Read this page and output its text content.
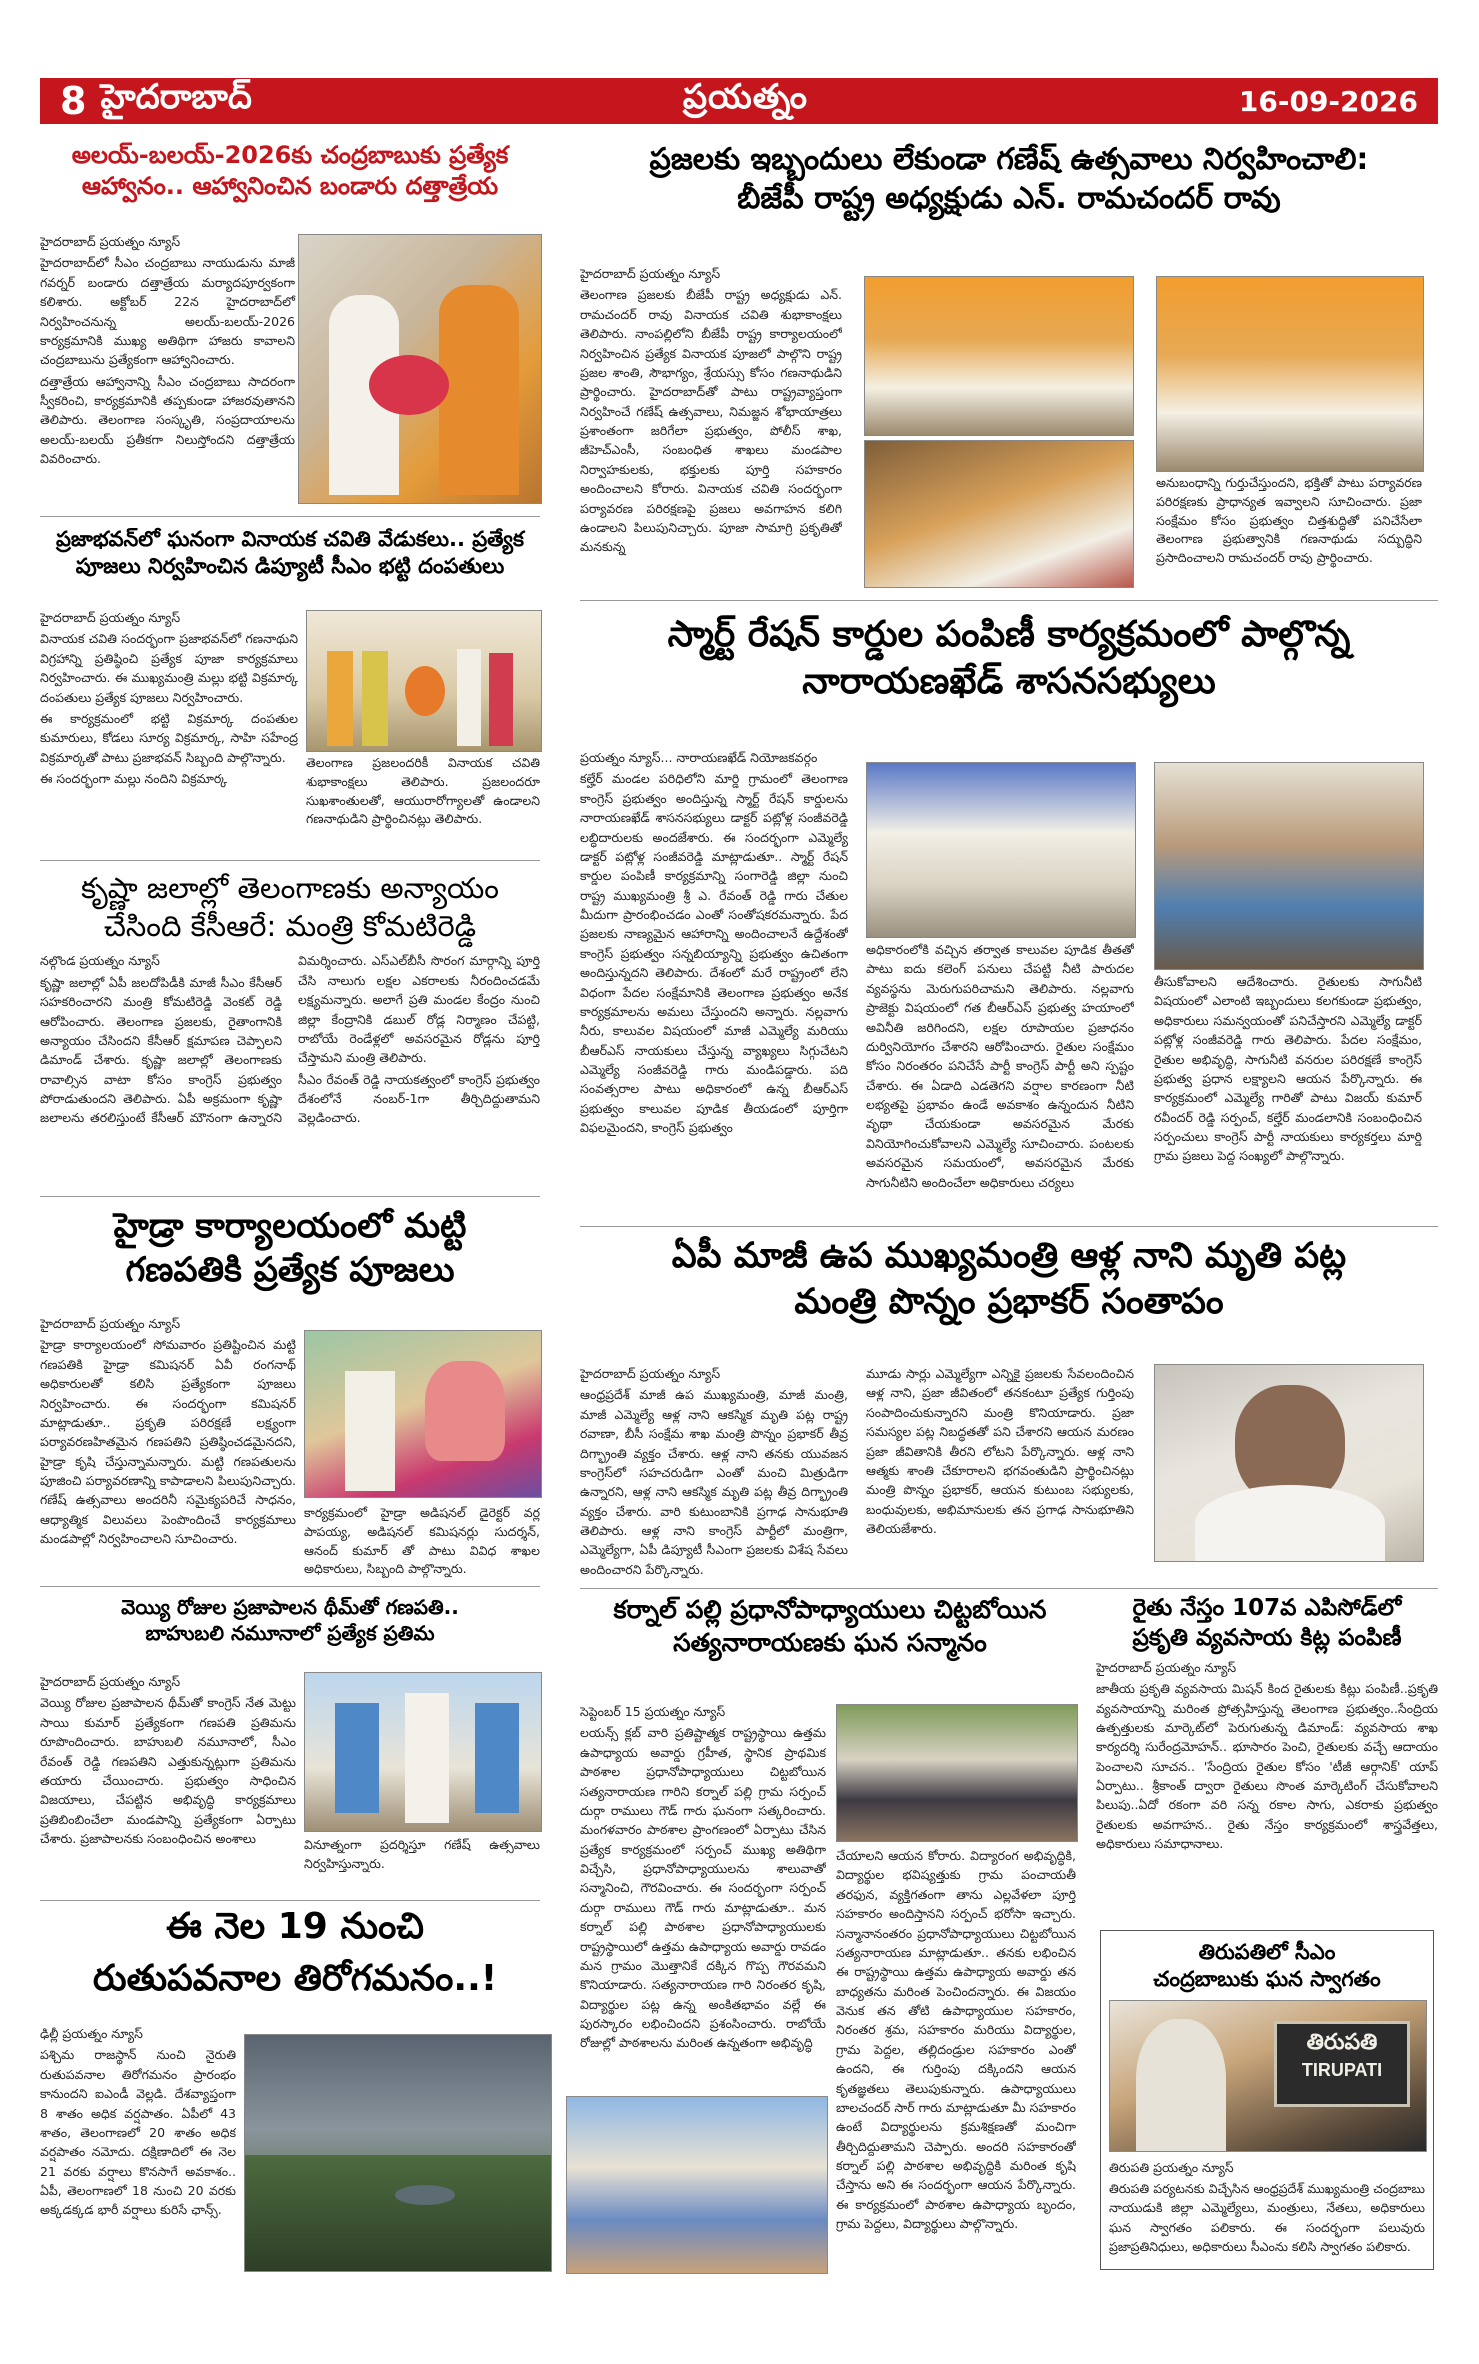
8 హైదరాబాద్	ప్రయత్నం	16-09-2026
అలయ్-బలయ్-2026కు చంద్రబాబుకు ప్రత్యేక
ఆహ్వానం.. ఆహ్వానించిన బండారు దత్తాత్రేయ

హైదరాబాద్ ప్రయత్నం న్యూస్

హైదరాబాద్‌లో సీఎం చంద్రబాబు నాయుడును మాజీ గవర్నర్ బండారు దత్తాత్రేయ మర్యాదపూర్వకంగా కలిశారు. అక్టోబర్ 22న హైదరాబాద్‌లో నిర్వహించనున్న అలయ్-బలయ్-2026 కార్యక్రమానికి ముఖ్య అతిథిగా హాజరు కావాలని చంద్రబాబును ప్రత్యేకంగా ఆహ్వానించారు.

దత్తాత్రేయ ఆహ్వానాన్ని సీఎం చంద్రబాబు సాదరంగా స్వీకరించి, కార్యక్రమానికి తప్పకుండా హాజరవుతానని తెలిపారు. తెలంగాణ సంస్కృతి, సంప్రదాయాలను అలయ్-బలయ్ ప్రతీకగా నిలుస్తోందని దత్తాత్రేయ వివరించారు.

ప్రజాభవన్‌లో ఘనంగా వినాయక చవితి వేడుకలు.. ప్రత్యేక
పూజలు నిర్వహించిన డిప్యూటీ సీఎం భట్టి దంపతులు

హైదరాబాద్ ప్రయత్నం న్యూస్

వినాయక చవితి సందర్భంగా ప్రజాభవన్‌లో గణనాథుని విగ్రహాన్ని ప్రతిష్ఠించి ప్రత్యేక పూజా కార్యక్రమాలు నిర్వహించారు. ఈ ముఖ్యమంత్రి మల్లు భట్టి విక్రమార్క దంపతులు ప్రత్యేక పూజలు నిర్వహించారు.

ఈ కార్యక్రమంలో భట్టి విక్రమార్క దంపతుల కుమారులు, కోడలు సూర్య విక్రమార్క, సాహి సహేంద్ర విక్రమార్కతో పాటు ప్రజాభవన్ సిబ్బంది పాల్గొన్నారు.

ఈ సందర్భంగా మల్లు నందిని విక్రమార్క

తెలంగాణ ప్రజలందరికీ వినాయక చవితి శుభాకాంక్షలు తెలిపారు. ప్రజలందరూ సుఖశాంతులతో, ఆయురారోగ్యాలతో ఉండాలని గణనాథుడిని ప్రార్థించినట్లు తెలిపారు.
కృష్ణా జలాల్లో తెలంగాణకు అన్యాయం
చేసింది కేసీఆరే: మంత్రి కోమటిరెడ్డి

నల్గొండ ప్రయత్నం న్యూస్

కృష్ణా జలాల్లో ఏపీ జలదోపిడీకి మాజీ సీఎం కేసీఆర్ సహకరించారని మంత్రి కోమటిరెడ్డి వెంకట్ రెడ్డి ఆరోపించారు. తెలంగాణ ప్రజలకు, రైతాంగానికి అన్యాయం చేసిందని కేసీఆర్ క్షమాపణ చెప్పాలని డిమాండ్ చేశారు. కృష్ణా జలాల్లో తెలంగాణకు రావాల్సిన వాటా కోసం కాంగ్రెస్ ప్రభుత్వం పోరాడుతుందని తెలిపారు. ఏపీ అక్రమంగా కృష్ణా జలాలను తరలిస్తుంటే కేసీఆర్ మౌనంగా ఉన్నారని విమర్శించారు. ఎస్ఎల్‌బీసీ సొరంగ మార్గాన్ని పూర్తి చేసి నాలుగు లక్షల ఎకరాలకు నీరందించడమే లక్ష్యమన్నారు. అలాగే ప్రతి మండల కేంద్రం నుంచి జిల్లా కేంద్రానికి డబుల్ రోడ్ల నిర్మాణం చేపట్టి, రాబోయే రెండేళ్లలో అవసరమైన రోడ్లను పూర్తి చేస్తామని మంత్రి తెలిపారు.

సీఎం రేవంత్ రెడ్డి నాయకత్వంలో కాంగ్రెస్ ప్రభుత్వం దేశంలోనే నంబర్-1గా తీర్చిదిద్దుతామని వెల్లడించారు.

హైడ్రా కార్యాలయంలో మట్టి
గణపతికి ప్రత్యేక పూజలు

హైదరాబాద్ ప్రయత్నం న్యూస్

హైడ్రా కార్యాలయంలో సోమవారం ప్రతిష్టించిన మట్టి గణపతికి హైడ్రా కమిషనర్ ఏవీ రంగనాథ్ అధికారులతో కలిసి ప్రత్యేకంగా పూజలు నిర్వహించారు. ఈ సందర్భంగా కమిషనర్ మాట్లాడుతూ.. ప్రకృతి పరిరక్షణే లక్ష్యంగా పర్యావరణహితమైన గణపతిని ప్రతిష్ఠించడమైనదని, హైడ్రా కృషి చేస్తున్నామన్నారు. మట్టి గణపతులను పూజించి పర్యావరణాన్ని కాపాడాలని పిలుపునిచ్చారు. గణేష్ ఉత్సవాలు అందరినీ సమైక్యపరిచే సాధనం, ఆధ్యాత్మిక విలువలు పెంపొందించే కార్యక్రమాలు మండపాల్లో నిర్వహించాలని సూచించారు.

కార్యక్రమంలో హైడ్రా అడిషనల్ డైరెక్టర్ వర్ల పాపయ్య, అడిషనల్ కమిషనర్లు సుదర్శన్, ఆనంద్ కుమార్ తో పాటు వివిధ శాఖల అధికారులు, సిబ్బంది పాల్గొన్నారు.
వెయ్యి రోజుల ప్రజాపాలన థీమ్‌తో గణపతి..
బాహుబలి నమూనాలో ప్రత్యేక ప్రతిమ

హైదరాబాద్ ప్రయత్నం న్యూస్

వెయ్యి రోజుల ప్రజాపాలన థీమ్‌తో కాంగ్రెస్ నేత మెట్టు సాయి కుమార్ ప్రత్యేకంగా గణపతి ప్రతిమను రూపొందించారు. బాహుబలి నమూనాలో, సీఎం రేవంత్ రెడ్డి గణపతిని ఎత్తుకున్నట్లుగా ప్రతిమను తయారు చేయించారు. ప్రభుత్వం సాధించిన విజయాలు, చేపట్టిన అభివృద్ధి కార్యక్రమాలు ప్రతిబింబించేలా మండపాన్ని ప్రత్యేకంగా ఏర్పాటు చేశారు. ప్రజాపాలనకు సంబంధించిన అంశాలు	వినూత్నంగా ప్రదర్శిస్తూ గణేష్ ఉత్సవాలు నిర్వహిస్తున్నారు.
ఈ నెల 19 నుంచి
రుతుపవనాల తిరోగమనం..!

ఢిల్లీ ప్రయత్నం న్యూస్

పశ్చిమ రాజస్థాన్ నుంచి నైరుతి రుతుపవనాల తిరోగమనం ప్రారంభం కానుందని ఐఎండీ వెల్లడి. దేశవ్యాప్తంగా 8 శాతం అధిక వర్షపాతం. ఏపీలో 43 శాతం, తెలంగాణలో 20 శాతం అధిక వర్షపాతం నమోదు. దక్షిణాదిలో ఈ నెల 21 వరకు వర్షాలు కొనసాగే అవకాశం.. ఏపీ, తెలంగాణలో 18 నుంచి 20 వరకు అక్కడక్కడ భారీ వర్షాలు కురిసే ఛాన్స్.

ప్రజలకు ఇబ్బందులు లేకుండా గణేష్ ఉత్సవాలు నిర్వహించాలి:
బీజేపీ రాష్ట్ర అధ్యక్షుడు ఎన్. రామచందర్ రావు

హైదరాబాద్ ప్రయత్నం న్యూస్

తెలంగాణ ప్రజలకు బీజేపీ రాష్ట్ర అధ్యక్షుడు ఎన్. రామచందర్ రావు వినాయక చవితి శుభాకాంక్షలు తెలిపారు. నాంపల్లిలోని బీజేపీ రాష్ట్ర కార్యాలయంలో నిర్వహించిన ప్రత్యేక వినాయక పూజలో పాల్గొని రాష్ట్ర ప్రజల శాంతి, సౌభాగ్యం, శ్రేయస్సు కోసం గణనాథుడిని ప్రార్థించారు. హైదరాబాద్‌తో పాటు రాష్ట్రవ్యాప్తంగా నిర్వహించే గణేష్ ఉత్సవాలు, నిమజ్జన శోభాయాత్రలు ప్రశాంతంగా జరిగేలా ప్రభుత్వం, పోలీస్ శాఖ, జీహెచ్ఎంసీ, సంబంధిత శాఖలు మండపాల నిర్వాహకులకు, భక్తులకు పూర్తి సహకారం అందించాలని కోరారు. వినాయక చవితి సందర్భంగా పర్యావరణ పరిరక్షణపై ప్రజలు అవగాహన కలిగి ఉండాలని పిలుపునిచ్చారు. పూజా సామాగ్రి ప్రకృతితో మనకున్న

అనుబంధాన్ని గుర్తుచేస్తుందని, భక్తితో పాటు పర్యావరణ పరిరక్షణకు ప్రాధాన్యత ఇవ్వాలని సూచించారు. ప్రజా సంక్షేమం కోసం ప్రభుత్వం చిత్తశుద్ధితో పనిచేసేలా తెలంగాణ ప్రభుత్వానికి గణనాథుడు సద్బుద్ధిని ప్రసాదించాలని రామచందర్ రావు ప్రార్థించారు.
స్మార్ట్ రేషన్ కార్డుల పంపిణీ కార్యక్రమంలో పాల్గొన్న
నారాయణఖేడ్ శాసనసభ్యులు

ప్రయత్నం న్యూస్... నారాయణఖేడ్ నియోజకవర్గం

కల్హేర్ మండల పరిధిలోని మార్డి గ్రామంలో తెలంగాణ కాంగ్రెస్ ప్రభుత్వం అందిస్తున్న స్మార్ట్ రేషన్ కార్డులను నారాయణఖేడ్ శాసనసభ్యులు డాక్టర్ పట్లోళ్ల సంజీవరెడ్డి లబ్ధిదారులకు అందజేశారు. ఈ సందర్భంగా ఎమ్మెల్యే డాక్టర్ పట్లోళ్ల సంజీవరెడ్డి మాట్లాడుతూ.. స్మార్ట్ రేషన్ కార్డుల పంపిణీ కార్యక్రమాన్ని సంగారెడ్డి జిల్లా నుంచి రాష్ట్ర ముఖ్యమంత్రి శ్రీ ఎ. రేవంత్ రెడ్డి గారు చేతుల మీదుగా ప్రారంభించడం ఎంతో సంతోషకరమన్నారు. పేద ప్రజలకు నాణ్యమైన ఆహారాన్ని అందించాలనే ఉద్దేశంతో కాంగ్రెస్ ప్రభుత్వం సన్నబియ్యాన్ని ప్రభుత్వం ఉచితంగా అందిస్తున్నదని తెలిపారు. దేశంలో మరే రాష్ట్రంలో లేని విధంగా పేదల సంక్షేమానికి తెలంగాణ ప్రభుత్వం అనేక కార్యక్రమాలను అమలు చేస్తుందని అన్నారు. నల్లవాగు నీరు, కాలువల విషయంలో మాజీ ఎమ్మెల్యే మరియు బీఆర్ఎస్ నాయకులు చేస్తున్న వ్యాఖ్యలు సిగ్గుచేటని ఎమ్మెల్యే సంజీవరెడ్డి గారు మండిపడ్డారు. పది సంవత్సరాల పాటు అధికారంలో ఉన్న బీఆర్ఎస్ ప్రభుత్వం కాలువల పూడిక తీయడంలో పూర్తిగా విఫలమైందని, కాంగ్రెస్ ప్రభుత్వం

అధికారంలోకి వచ్చిన తర్వాత కాలువల పూడిక తీతతో పాటు ఐదు కలెంగ్ పనులు చేపట్టి నీటి పారుదల వ్యవస్థను మెరుగుపరిచామని తెలిపారు. నల్లవాగు ప్రాజెక్టు విషయంలో గత బీఆర్ఎస్ ప్రభుత్వ హయాంలో అవినీతి జరిగిందని, లక్షల రూపాయల ప్రజాధనం దుర్వినియోగం చేశారని ఆరోపించారు. రైతుల సంక్షేమం కోసం నిరంతరం పనిచేసే పార్టీ కాంగ్రెస్ పార్టీ అని స్పష్టం చేశారు. ఈ ఏడాది ఎడతెగని వర్షాల కారణంగా నీటి లభ్యతపై ప్రభావం ఉండే అవకాశం ఉన్నందున నీటిని వృథా చేయకుండా అవసరమైన మేరకు వినియోగించుకోవాలని ఎమ్మెల్యే సూచించారు. పంటలకు అవసరమైన సమయంలో, అవసరమైన మేరకు సాగునీటిని అందించేలా అధికారులు చర్యలు
తీసుకోవాలని ఆదేశించారు. రైతులకు సాగునీటి విషయంలో ఎలాంటి ఇబ్బందులు కలగకుండా ప్రభుత్వం, అధికారులు సమన్వయంతో పనిచేస్తారని ఎమ్మెల్యే డాక్టర్ పట్లోళ్ల సంజీవరెడ్డి గారు తెలిపారు. పేదల సంక్షేమం, రైతుల అభివృద్ధి, సాగునీటి వనరుల పరిరక్షణే కాంగ్రెస్ ప్రభుత్వ ప్రధాన లక్ష్యాలని ఆయన పేర్కొన్నారు. ఈ కార్యక్రమంలో ఎమ్మెల్యే గారితో పాటు విజయ్ కుమార్ రవీందర్ రెడ్డి సర్పంచ్, కల్హేర్ మండలానికి సంబంధించిన సర్పంచులు కాంగ్రెస్ పార్టీ నాయకులు కార్యకర్తలు మార్డి గ్రామ ప్రజలు పెద్ద సంఖ్యలో పాల్గొన్నారు.
ఏపీ మాజీ ఉప ముఖ్యమంత్రి ఆళ్ల నాని మృతి పట్ల
మంత్రి పొన్నం ప్రభాకర్ సంతాపం

హైదరాబాద్ ప్రయత్నం న్యూస్

ఆంధ్రప్రదేశ్ మాజీ ఉప ముఖ్యమంత్రి, మాజీ మంత్రి, మాజీ ఎమ్మెల్యే ఆళ్ల నాని ఆకస్మిక మృతి పట్ల రాష్ట్ర రవాణా, బీసీ సంక్షేమ శాఖ మంత్రి పొన్నం ప్రభాకర్ తీవ్ర దిగ్భ్రాంతి వ్యక్తం చేశారు. ఆళ్ల నాని తనకు యువజన కాంగ్రెస్‌లో సహచరుడిగా ఎంతో మంచి మిత్రుడిగా ఉన్నారని, ఆళ్ల నాని ఆకస్మిక మృతి పట్ల తీవ్ర దిగ్భ్రాంతి వ్యక్తం చేశారు. వారి కుటుంబానికి ప్రగాఢ సానుభూతి తెలిపారు. ఆళ్ల నాని కాంగ్రెస్ పార్టీలో మంత్రిగా, ఎమ్మెల్యేగా, ఏపీ డిప్యూటీ సీఎంగా ప్రజలకు విశేష సేవలు అందించారని పేర్కొన్నారు.

మూడు సార్లు ఎమ్మెల్యేగా ఎన్నికై ప్రజలకు సేవలందించిన ఆళ్ల నాని, ప్రజా జీవితంలో తనకంటూ ప్రత్యేక గుర్తింపు సంపాదించుకున్నారని మంత్రి కొనియాడారు. ప్రజా సమస్యల పట్ల నిబద్ధతతో పని చేశారని ఆయన మరణం ప్రజా జీవితానికి తీరని లోటని పేర్కొన్నారు. ఆళ్ల నాని ఆత్మకు శాంతి చేకూరాలని భగవంతుడిని ప్రార్థించినట్లు మంత్రి పొన్నం ప్రభాకర్, ఆయన కుటుంబ సభ్యులకు, బంధువులకు, అభిమానులకు తన ప్రగాఢ సానుభూతిని తెలియజేశారు.
కర్నాల్ పల్లి ప్రధానోపాధ్యాయులు చిట్టబోయిన
సత్యనారాయణకు ఘన సన్మానం

సెప్టెంబర్ 15 ప్రయత్నం న్యూస్

లయన్స్ క్లబ్ వారి ప్రతిష్టాత్మక రాష్ట్రస్థాయి ఉత్తమ ఉపాధ్యాయ అవార్డు గ్రహీత, స్థానిక ప్రాథమిక పాఠశాల ప్రధానోపాధ్యాయులు చిట్టబోయిన సత్యనారాయణ గారిని కర్నాల్ పల్లి గ్రామ సర్పంచ్ దుర్గా రాములు గౌడ్ గారు ఘనంగా సత్కరించారు. మంగళవారం పాఠశాల ప్రాంగణంలో ఏర్పాటు చేసిన ప్రత్యేక కార్యక్రమంలో సర్పంచ్ ముఖ్య అతిథిగా విచ్చేసి, ప్రధానోపాధ్యాయులను శాలువాతో సన్మానించి, గౌరవించారు. ఈ సందర్భంగా సర్పంచ్ దుర్గా రాములు గౌడ్ గారు మాట్లాడుతూ.. మన కర్నాల్ పల్లి పాఠశాల ప్రధానోపాధ్యాయులకు రాష్ట్రస్థాయిలో ఉత్తమ ఉపాధ్యాయ అవార్డు రావడం మన గ్రామం మొత్తానికే దక్కిన గొప్ప గౌరవమని కొనియాడారు. సత్యనారాయణ గారి నిరంతర కృషి, విద్యార్థుల పట్ల ఉన్న అంకితభావం వల్లే ఈ పురస్కారం లభించిందని ప్రశంసించారు. రాబోయే రోజుల్లో పాఠశాలను మరింత ఉన్నతంగా అభివృద్ధి

చేయాలని ఆయన కోరారు. విద్యారంగ అభివృద్ధికి, విద్యార్థుల భవిష్యత్తుకు గ్రామ పంచాయతీ తరఫున, వ్యక్తిగతంగా తాను ఎల్లవేళలా పూర్తి సహకారం అందిస్తానని సర్పంచ్ భరోసా ఇచ్చారు. సన్మానానంతరం ప్రధానోపాధ్యాయులు చిట్టబోయిన సత్యనారాయణ మాట్లాడుతూ.. తనకు లభించిన ఈ రాష్ట్రస్థాయి ఉత్తమ ఉపాధ్యాయ అవార్డు తన బాధ్యతను మరింత పెంచిందన్నారు. ఈ విజయం వెనుక తన తోటి ఉపాధ్యాయుల సహకారం, నిరంతర శ్రమ, సహకారం మరియు విద్యార్థుల, గ్రామ పెద్దల, తల్లిదండ్రుల సహకారం ఎంతో ఉందని, ఈ గుర్తింపు దక్కిందని ఆయన కృతజ్ఞతలు తెలుపుకున్నారు. ఉపాధ్యాయులు బాలచందర్ సార్ గారు మాట్లాడుతూ మీ సహకారం ఉంటే విద్యార్థులను క్రమశిక్షణతో మంచిగా తీర్చిదిద్దుతామని చెప్పారు. అందరి సహకారంతో కర్నాల్ పల్లి పాఠశాల అభివృద్ధికి మరింత కృషి చేస్తాను అని ఈ సందర్భంగా ఆయన పేర్కొన్నారు. ఈ కార్యక్రమంలో పాఠశాల ఉపాధ్యాయ బృందం, గ్రామ పెద్దలు, విద్యార్థులు పాల్గొన్నారు.
రైతు నేస్తం 107వ ఎపిసోడ్‌లో
ప్రకృతి వ్యవసాయ కిట్ల పంపిణీ

హైదరాబాద్ ప్రయత్నం న్యూస్

జాతీయ ప్రకృతి వ్యవసాయ మిషన్ కింద రైతులకు కిట్లు పంపిణీ..ప్రకృతి వ్యవసాయాన్ని మరింత ప్రోత్సహిస్తున్న తెలంగాణ ప్రభుత్వం..సేంద్రియ ఉత్పత్తులకు మార్కెట్‌లో పెరుగుతున్న డిమాండ్: వ్యవసాయ శాఖ కార్యదర్శి సురేంద్రమోహన్.. భూసారం పెంచి, రైతులకు వచ్చే ఆదాయం పెంచాలని సూచన.. 'సేంద్రియ రైతుల కోసం 'టీజీ ఆర్గానిక్' యాప్ ఏర్పాటు.. శ్రీకాంత్ ద్వారా రైతులు సొంత మార్కెటింగ్ చేసుకోవాలని పిలుపు..ఏదో రకంగా వరి సన్న రకాల సాగు, ఎకరాకు ప్రభుత్వం రైతులకు అవగాహన.. రైతు నేస్తం కార్యక్రమంలో శాస్త్రవేత్తలు, అధికారులు సమాధానాలు.

తిరుపతిలో సీఎం
చంద్రబాబుకు ఘన స్వాగతం
తిరుపతి
TIRUPATI

తిరుపతి ప్రయత్నం న్యూస్

తిరుపతి పర్యటనకు విచ్చేసిన ఆంధ్రప్రదేశ్ ముఖ్యమంత్రి చంద్రబాబు నాయుడుకి జిల్లా ఎమ్మెల్యేలు, మంత్రులు, నేతలు, అధికారులు ఘన స్వాగతం పలికారు. ఈ సందర్భంగా పలువురు ప్రజాప్రతినిధులు, అధికారులు సీఎంను కలిసి స్వాగతం పలికారు.
